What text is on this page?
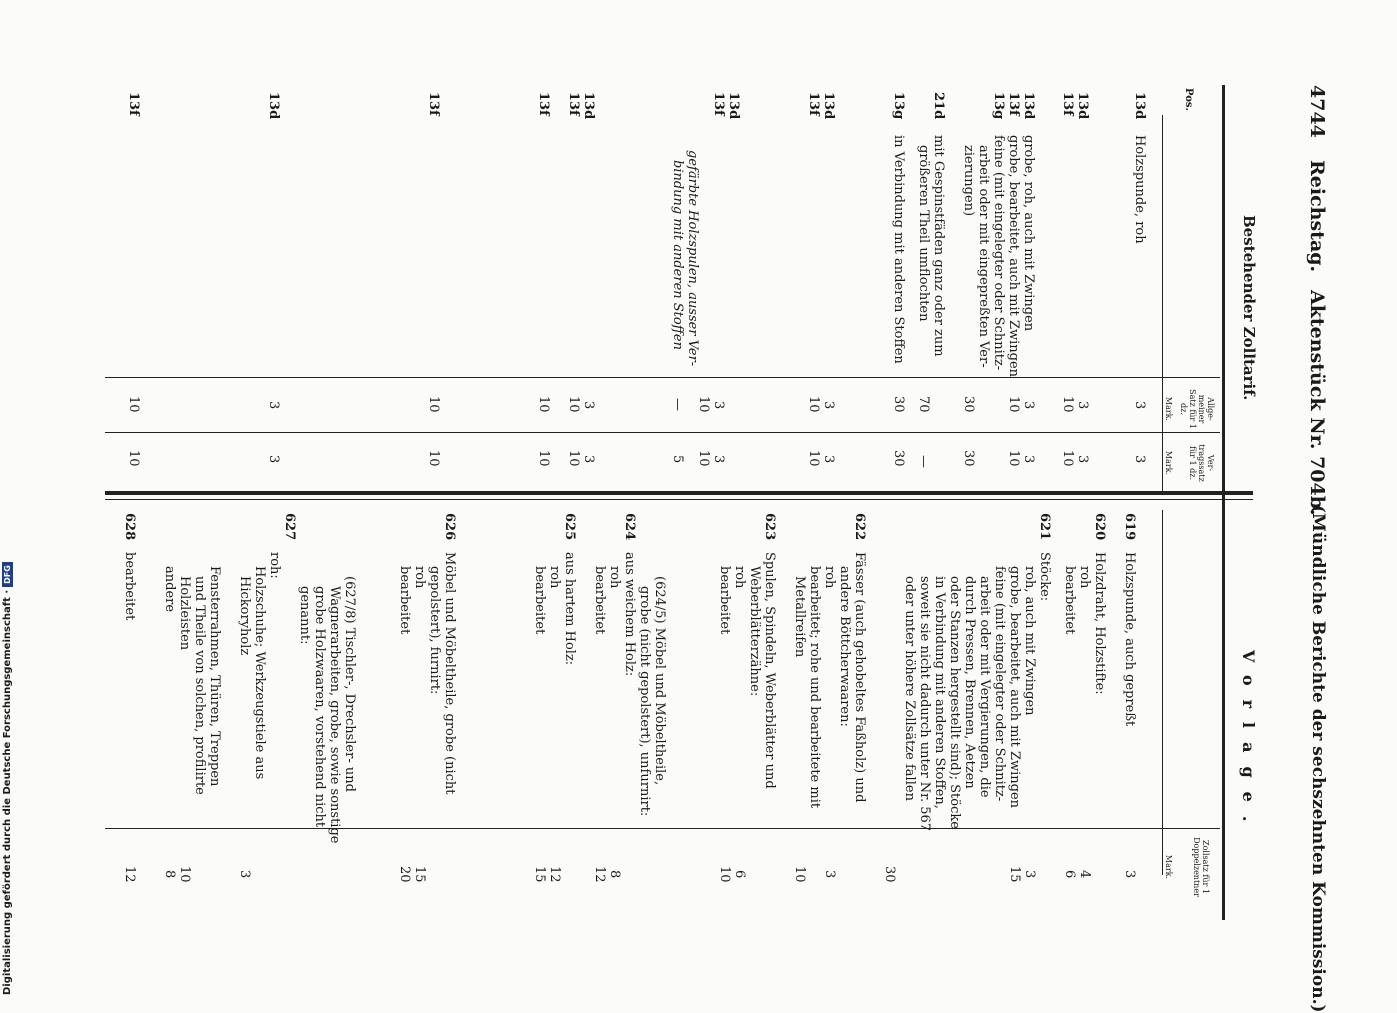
4744
Reichstag.
Aktenstück Nr. 704b.
(Mündliche Berichte der sechszehnten Kommission.)
Bestehender Zolltarif.
Vorlage.
Pos.
Allge-meiner Satz für 1 dz.
Mark.
Ver-tragssatz für 1 dz.
Mark.
Zollsatz für 1 Doppelzentner
Mark.
13d
Holzspunde, roh
3
3
13d
13f
3
10
3
10
13d
13f
13g
grobe, roh, auch mit Zwingen
grobe, bearbeitet, auch mit Zwingen
feine (mit eingelegter oder Schnitz-
arbeit oder mit eingepreßten Ver-
zierungen)
3
10
30
3
10
30
21d
mit Gespinstfäden ganz oder zum
größeren Theil umflochten
70
—
13g
in Verbindung mit anderen Stoffen
30
30
13d
13f
3
10
3
10
13d
13f
3
10
3
10
gefärbte Holzspulen, ausser Ver-
bindung mit anderen Stoffen
—
5
13d
13f
3
10
3
10
13f
10
10
13f
10
10
13d
3
3
13f
10
10
619
Holzspunde, auch gepreßt
3
620
Holzdraht, Holzstifte:
roh
bearbeitet
4
6
621
Stöcke:
roh, auch mit Zwingen
grobe, bearbeitet, auch mit Zwingen
feine (mit eingelegter oder Schnitz-
arbeit oder mit Vergierungen, die
durch Pressen, Brennen, Aetzen
oder Stanzen hergestellt sind); Stöcke
in Verbindung mit anderen Stoffen,
soweit sie nicht dadurch unter Nr. 567
oder unter höhere Zollsätze fallen
3
15
30
622
Fässer (auch gehobeltes Faßholz) und
andere Böttcherwaaren:
roh
bearbeitet; rohe und bearbeitete mit
Metallreifen
3
10
623
Spulen, Spindeln, Weberblätter und
Weberblätterzähne:
roh
bearbeitet
6
10
624
(624/5) Möbel und Möbeltheile,
grobe (nicht gepolstert), unfurnirt:
aus weichem Holz:
roh
bearbeitet
8
12
625
aus hartem Holz:
roh
bearbeitet
12
15
626
Möbel und Möbeltheile, grobe (nicht
gepolstert), furnirt:
roh
bearbeitet
15
20
627
(627/8) Tischler-, Drechsler- und
Wagnerarbeiten, grobe, sowie sonstige
grobe Holzwaaren, vorstehend nicht
genannt:
roh:
Holzschuhe; Werkzeugstiele aus
Hickoryholz
Fensterrahmen, Thüren, Treppen
und Theile von solchen, profilirte
Holzleisten
andere
3
10
8
628
bearbeitet
12
Digitalisierung gefördert durch die Deutsche Forschungsgemeinschaft ·
DFG
